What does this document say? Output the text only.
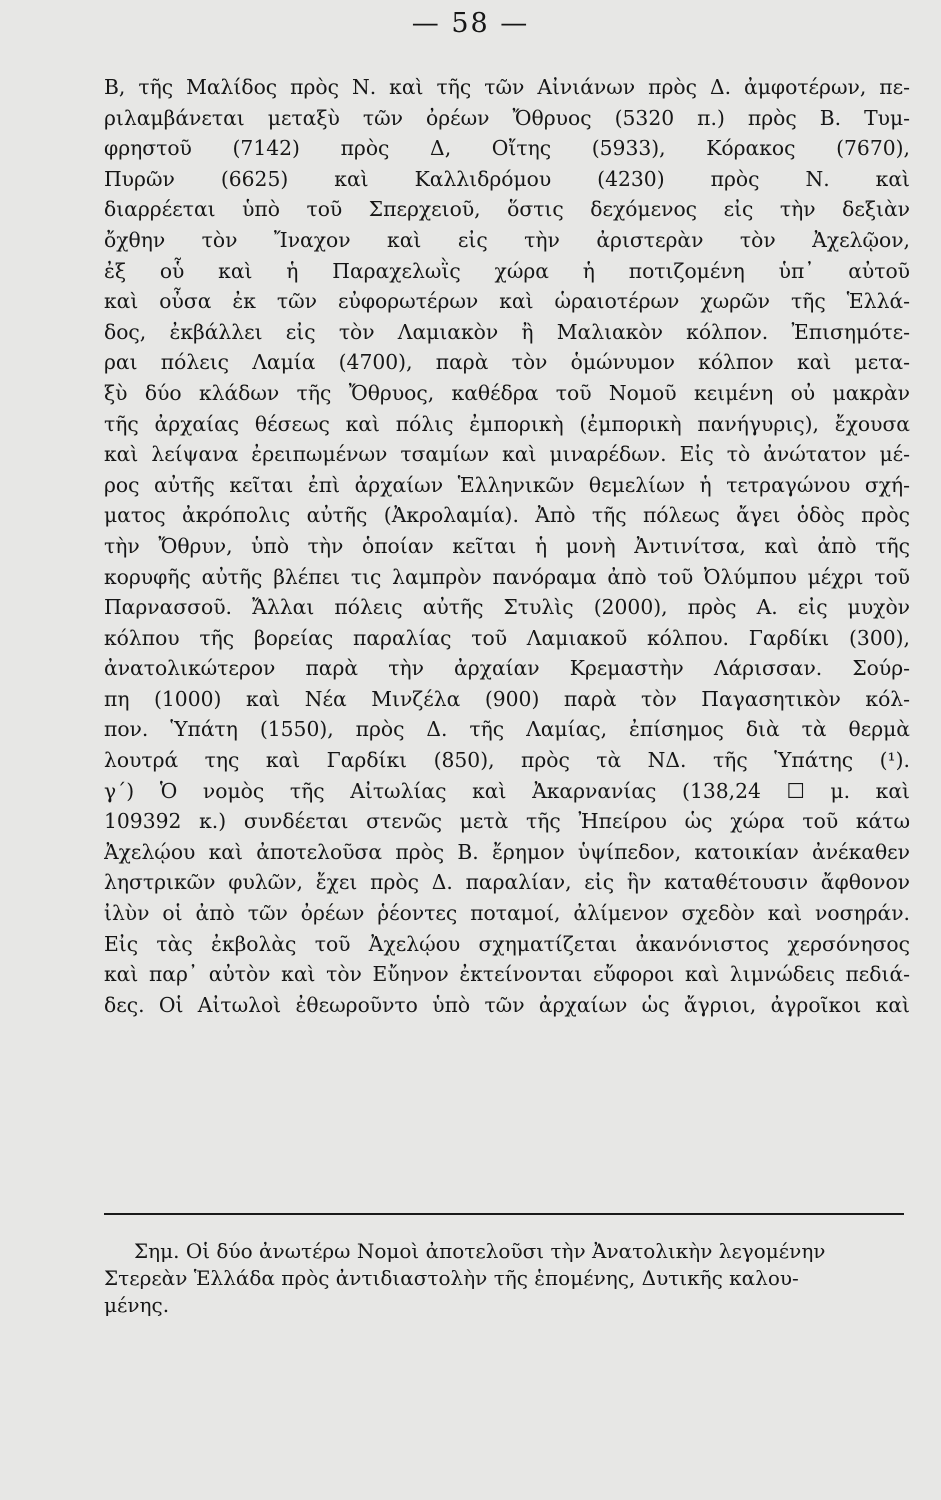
— 58 —
Β, τῆς Μαλίδος πρὸς Ν. καὶ τῆς τῶν Αἰνιάνων πρὸς Δ. ἀμφοτέρων, πε-
ριλαμβάνεται μεταξὺ τῶν ὀρέων Ὄθρυος (5320 π.) πρὸς Β. Τυμ-
φρηστοῦ (7142) πρὸς Δ, Οἴτης (5933), Κόρακος (7670),
Πυρῶν (6625) καὶ Καλλιδρόμου (4230) πρὸς Ν. καὶ
διαρρέεται ὑπὸ τοῦ Σπερχειοῦ, ὅστις δεχόμενος εἰς τὴν δεξιὰν
ὄχθην τὸν Ἴναχον καὶ εἰς τὴν ἀριστερὰν τὸν Ἀχελῷον,
ἐξ οὗ καὶ ἡ Παραχελωῒς χώρα ἡ ποτιζομένη ὑπ᾽ αὐτοῦ
καὶ οὖσα ἐκ τῶν εὐφορωτέρων καὶ ὡραιοτέρων χωρῶν τῆς Ἑλλά-
δος, ἐκβάλλει εἰς τὸν Λαμιακὸν ἢ Μαλιακὸν κόλπον. Ἐπισημότε-
ραι πόλεις Λαμία (4700), παρὰ τὸν ὁμώνυμον κόλπον καὶ μετα-
ξὺ δύο κλάδων τῆς Ὄθρυος, καθέδρα τοῦ Νομοῦ κειμένη οὐ μακρὰν
τῆς ἀρχαίας θέσεως καὶ πόλις ἐμπορικὴ (ἐμπορικὴ πανήγυρις), ἔχουσα
καὶ λείψανα ἐρειπωμένων τσαμίων καὶ μιναρέδων. Εἰς τὸ ἀνώτατον μέ-
ρος αὐτῆς κεῖται ἐπὶ ἀρχαίων Ἑλληνικῶν θεμελίων ἡ τετραγώνου σχή-
ματος ἀκρόπολις αὐτῆς (Ἀκρολαμία). Ἀπὸ τῆς πόλεως ἄγει ὁδὸς πρὸς
τὴν Ὄθρυν, ὑπὸ τὴν ὁποίαν κεῖται ἡ μονὴ Ἀντινίτσα, καὶ ἀπὸ τῆς
κορυφῆς αὐτῆς βλέπει τις λαμπρὸν πανόραμα ἀπὸ τοῦ Ὀλύμπου μέχρι τοῦ
Παρνασσοῦ. Ἄλλαι πόλεις αὐτῆς Στυλὶς (2000), πρὸς Α. εἰς μυχὸν
κόλπου τῆς βορείας παραλίας τοῦ Λαμιακοῦ κόλπου. Γαρδίκι (300),
ἀνατολικώτερον παρὰ τὴν ἀρχαίαν Κρεμαστὴν Λάρισσαν. Σούρ-
πη (1000) καὶ Νέα Μινζέλα (900) παρὰ τὸν Παγασητικὸν κόλ-
πον. Ὑπάτη (1550), πρὸς Δ. τῆς Λαμίας, ἐπίσημος διὰ τὰ θερμὰ
λουτρά της καὶ Γαρδίκι (850), πρὸς τὰ ΝΔ. τῆς Ὑπάτης (¹).
γ΄) Ὁ νομὸς τῆς Αἰτωλίας καὶ Ἀκαρνανίας (138,24 ☐ μ. καὶ
109392 κ.) συνδέεται στενῶς μετὰ τῆς Ἠπείρου ὡς χώρα τοῦ κάτω
Ἀχελῴου καὶ ἀποτελοῦσα πρὸς Β. ἔρημον ὑψίπεδον, κατοικίαν ἀνέκαθεν
ληστρικῶν φυλῶν, ἔχει πρὸς Δ. παραλίαν, εἰς ἣν καταθέτουσιν ἄφθονον
ἰλὺν οἱ ἀπὸ τῶν ὀρέων ῥέοντες ποταμοί, ἀλίμενον σχεδὸν καὶ νοσηράν.
Εἰς τὰς ἐκβολὰς τοῦ Ἀχελῴου σχηματίζεται ἀκανόνιστος χερσόνησος
καὶ παρ᾽ αὐτὸν καὶ τὸν Εὔηνον ἐκτείνονται εὔφοροι καὶ λιμνώδεις πεδιά-
δες. Οἱ Αἰτωλοὶ ἐθεωροῦντο ὑπὸ τῶν ἀρχαίων ὡς ἄγριοι, ἀγροῖκοι καὶ
Σημ. Οἱ δύο ἀνωτέρω Νομοὶ ἀποτελοῦσι τὴν Ἀνατολικὴν λεγομένην
Στερεὰν Ἑλλάδα πρὸς ἀντιδιαστολὴν τῆς ἑπομένης, Δυτικῆς καλου-
μένης.
